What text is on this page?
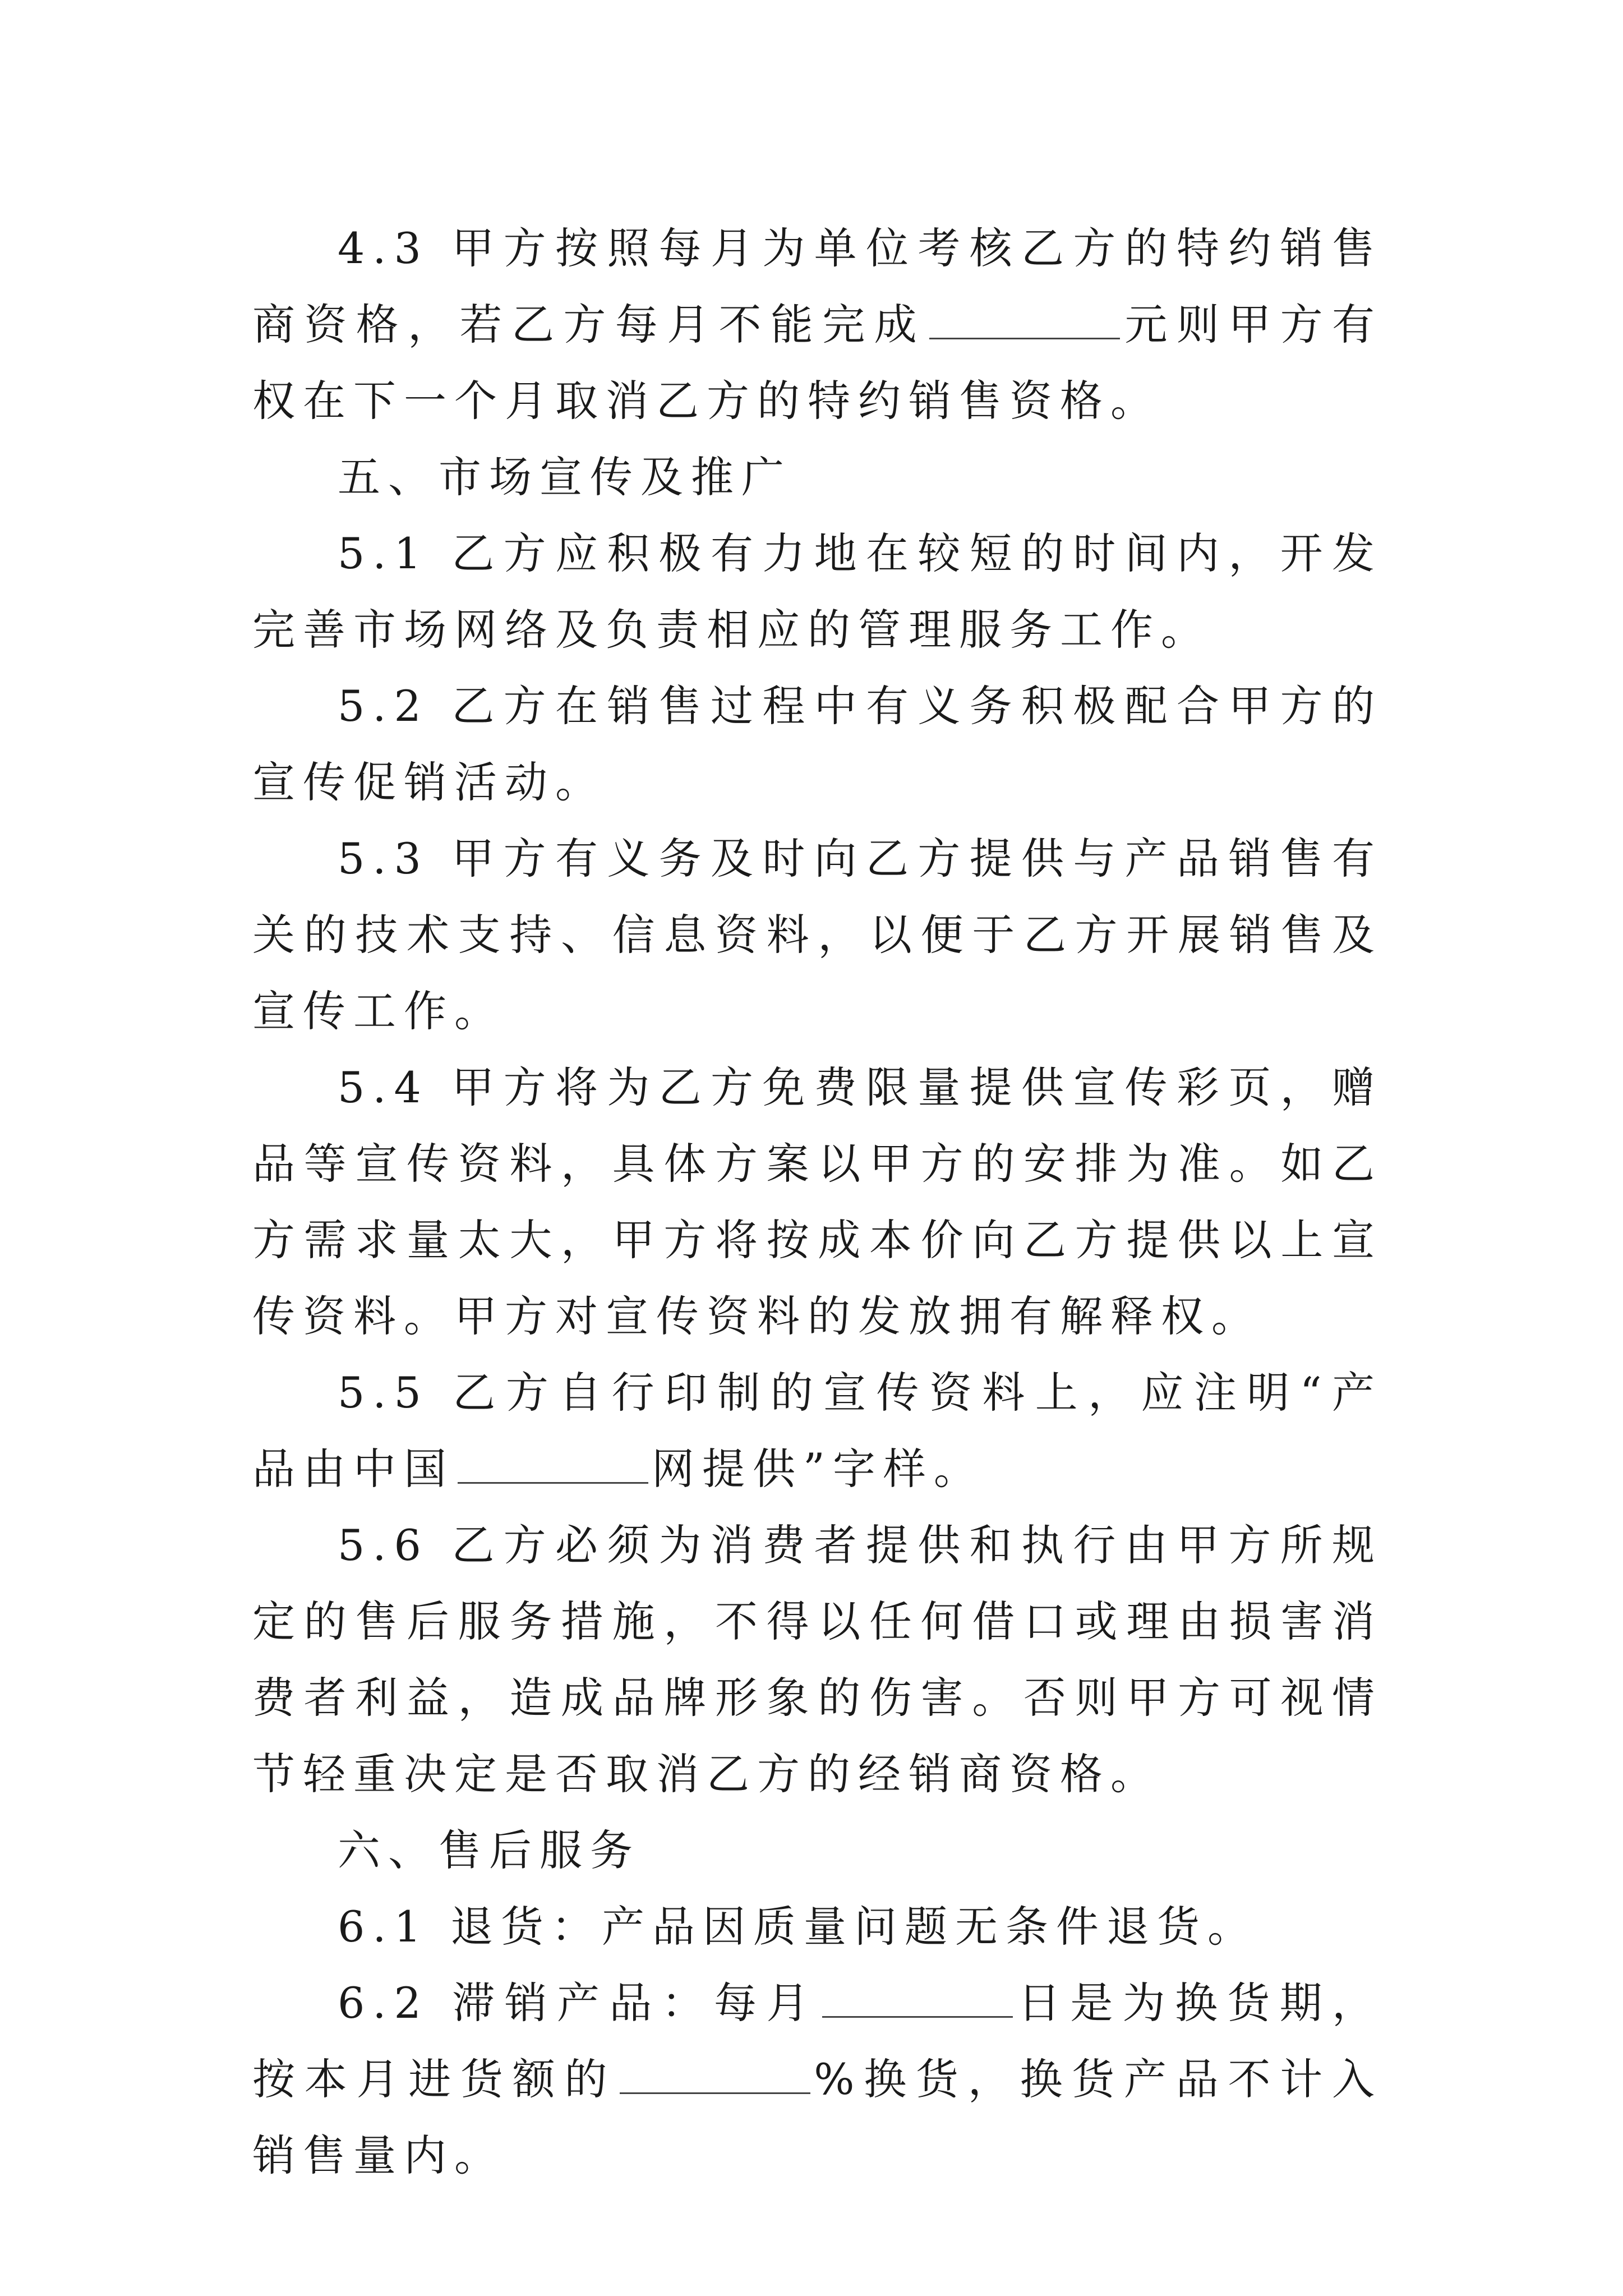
4.3 甲方按照每月为单位考核乙方的特约销售商资格，若乙方每月不能完成	元则甲方有权在下一个月取消乙方的特约销售资格。

五、市场宣传及推广

5.1 乙方应积极有力地在较短的时间内，开发完善市场网络及负责相应的管理服务工作。

5.2 乙方在销售过程中有义务积极配合甲方的宣传促销活动。

5.3 甲方有义务及时向乙方提供与产品销售有关的技术支持、信息资料，以便于乙方开展销售及宣传工作。

5.4 甲方将为乙方免费限量提供宣传彩页，赠品等宣传资料，具体方案以甲方的安排为准。如乙方需求量太大，甲方将按成本价向乙方提供以上宣传资料。甲方对宣传资料的发放拥有解释权。

5.5 乙方自行印制的宣传资料上，应注明“产品由中国	网提供”字样。

5.6 乙方必须为消费者提供和执行由甲方所规定的售后服务措施，不得以任何借口或理由损害消费者利益，造成品牌形象的伤害。否则甲方可视情节轻重决定是否取消乙方的经销商资格。

六、售后服务

6.1 退货：产品因质量问题无条件退货。

6.2 滞销产品：每月	日是为换货期，按本月进货额的	%换货，换货产品不计入销售量内。
